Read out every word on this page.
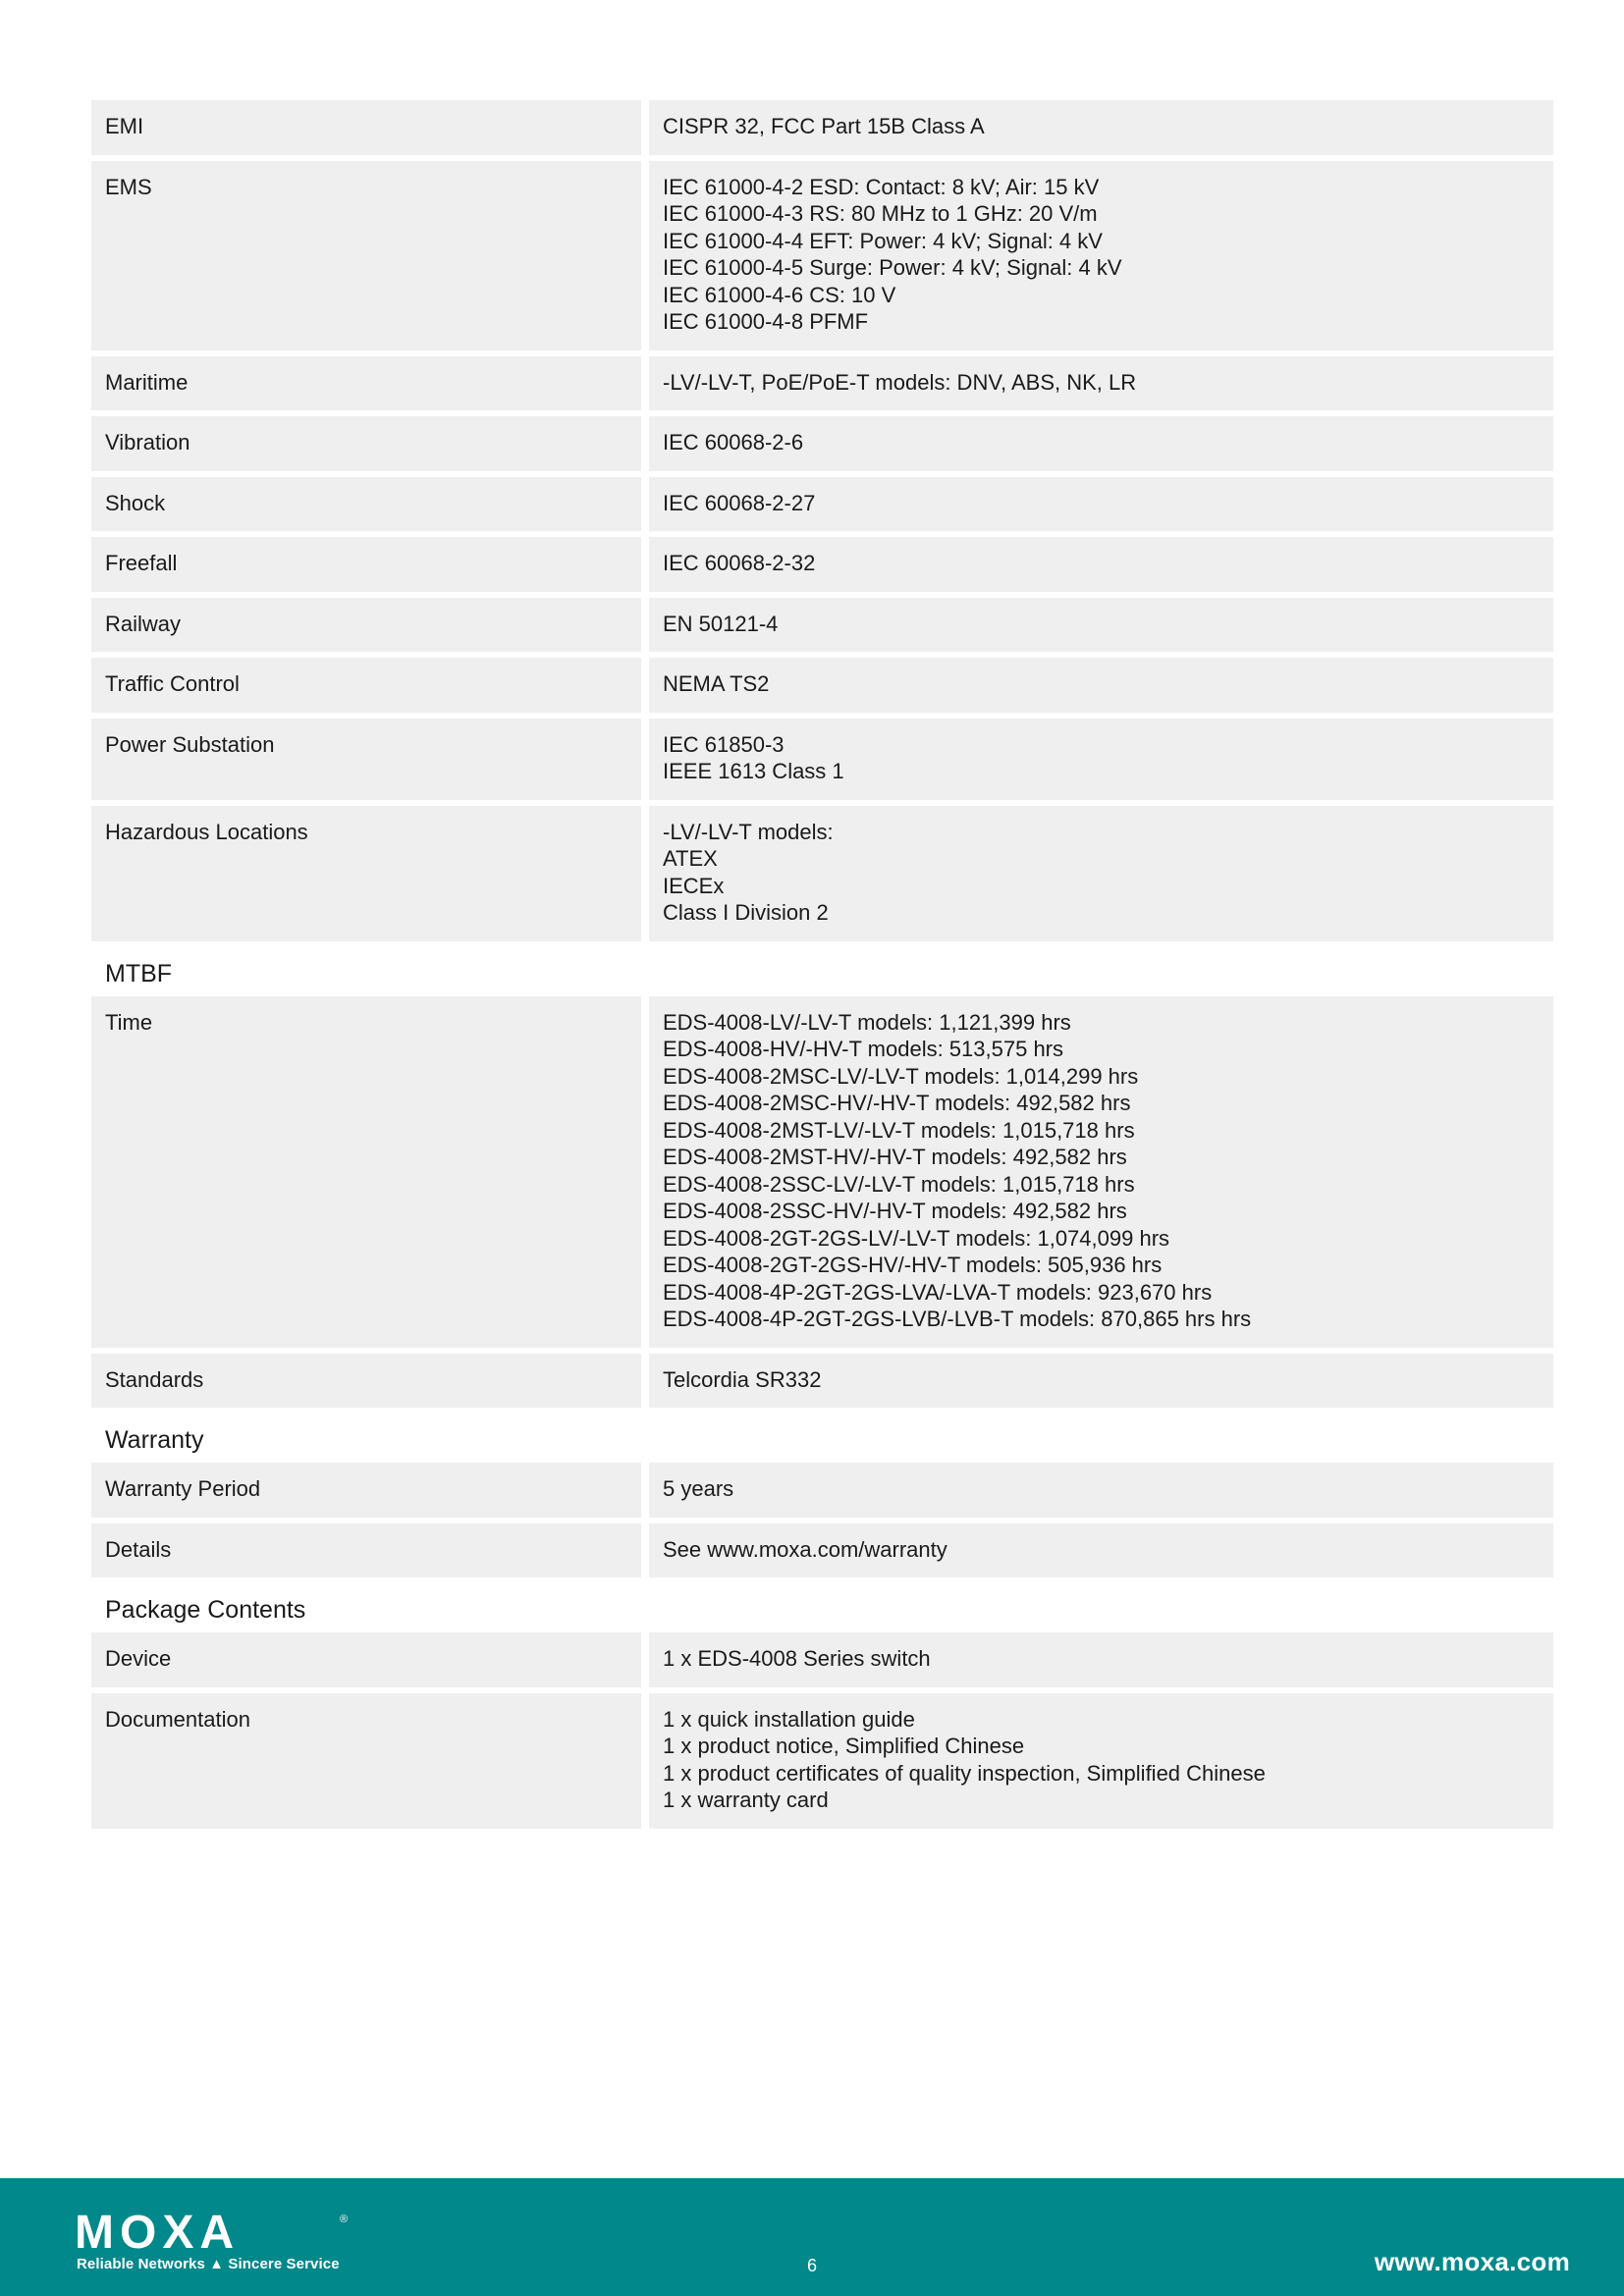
EMI	CISPR 32, FCC Part 15B Class A
EMS	IEC 61000-4-2 ESD: Contact: 8 kV; Air: 15 kV
IEC 61000-4-3 RS: 80 MHz to 1 GHz: 20 V/m
IEC 61000-4-4 EFT: Power: 4 kV; Signal: 4 kV
IEC 61000-4-5 Surge: Power: 4 kV; Signal: 4 kV
IEC 61000-4-6 CS: 10 V
IEC 61000-4-8 PFMF
Maritime	-LV/-LV-T, PoE/PoE-T models: DNV, ABS, NK, LR
Vibration	IEC 60068-2-6
Shock	IEC 60068-2-27
Freefall	IEC 60068-2-32
Railway	EN 50121-4
Traffic Control	NEMA TS2
Power Substation	IEC 61850-3
IEEE 1613 Class 1
Hazardous Locations	-LV/-LV-T models:
ATEX
IECEx
Class I Division 2
MTBF
Time	EDS-4008-LV/-LV-T models: 1,121,399 hrs
EDS-4008-HV/-HV-T models: 513,575 hrs
EDS-4008-2MSC-LV/-LV-T models: 1,014,299 hrs
EDS-4008-2MSC-HV/-HV-T models: 492,582 hrs
EDS-4008-2MST-LV/-LV-T models: 1,015,718 hrs
EDS-4008-2MST-HV/-HV-T models: 492,582 hrs
EDS-4008-2SSC-LV/-LV-T models: 1,015,718 hrs
EDS-4008-2SSC-HV/-HV-T models: 492,582 hrs
EDS-4008-2GT-2GS-LV/-LV-T models: 1,074,099 hrs
EDS-4008-2GT-2GS-HV/-HV-T models: 505,936 hrs
EDS-4008-4P-2GT-2GS-LVA/-LVA-T models: 923,670 hrs
EDS-4008-4P-2GT-2GS-LVB/-LVB-T models: 870,865 hrs hrs
Standards	Telcordia SR332
Warranty
Warranty Period	5 years
Details	See www.moxa.com/warranty
Package Contents
Device	1 x EDS-4008 Series switch
Documentation	1 x quick installation guide
1 x product notice, Simplified Chinese
1 x product certificates of quality inspection, Simplified Chinese
1 x warranty card
MOXA	®
Reliable Networks ▲ Sincere Service	6	www.moxa.com
